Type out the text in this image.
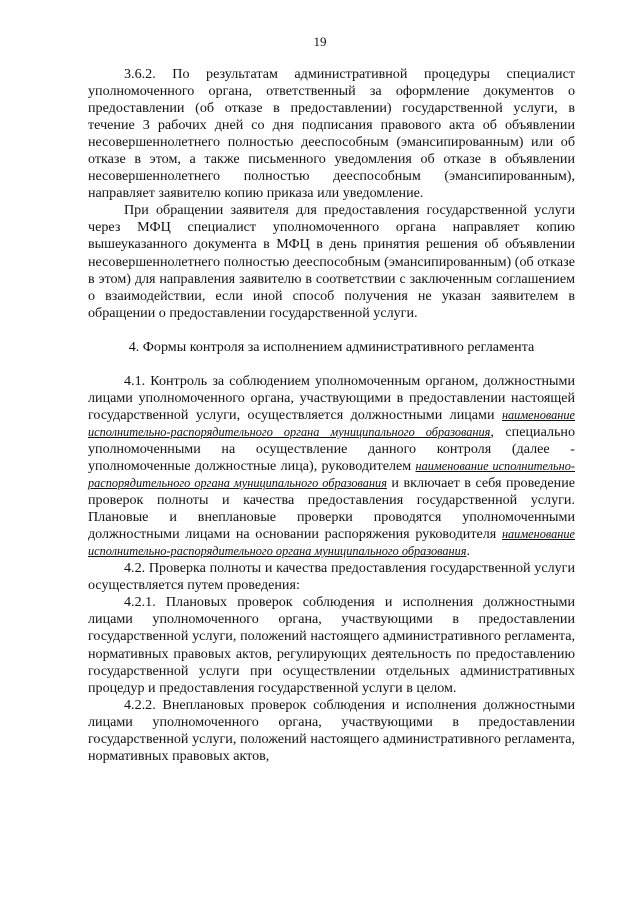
19

3.6.2. По результатам административной процедуры специалист уполномоченного органа, ответственный за оформление документов о предоставлении (об отказе в предоставлении) государственной услуги, в течение 3 рабочих дней со дня подписания правового акта об объявлении несовершеннолетнего полностью дееспособным (эмансипированным) или об отказе в этом, а также письменного уведомления об отказе в объявлении несовершеннолетнего полностью дееспособным (эмансипированным), направляет заявителю копию приказа или уведомление.

При обращении заявителя для предоставления государственной услуги через МФЦ специалист уполномоченного органа направляет копию вышеуказанного документа в МФЦ в день принятия решения об объявлении несовершеннолетнего полностью дееспособным (эмансипированным) (об отказе в этом) для направления заявителю в соответствии с заключенным соглашением о взаимодействии, если иной способ получения не указан заявителем в обращении о предоставлении государственной услуги.

4. Формы контроля за исполнением административного регламента

4.1. Контроль за соблюдением уполномоченным органом, должностными лицами уполномоченного органа, участвующими в предоставлении настоящей государственной услуги, осуществляется должностными лицами наименование исполнительно-распорядительного органа муниципального образования, специально уполномоченными на осуществление данного контроля (далее - уполномоченные должностные лица), руководителем наименование исполнительно-распорядительного органа муниципального образования и включает в себя проведение проверок полноты и качества предоставления государственной услуги. Плановые и внеплановые проверки проводятся уполномоченными должностными лицами на основании распоряжения руководителя наименование исполнительно-распорядительного органа муниципального образования.

4.2. Проверка полноты и качества предоставления государственной услуги осуществляется путем проведения:

4.2.1. Плановых проверок соблюдения и исполнения должностными лицами уполномоченного органа, участвующими в предоставлении государственной услуги, положений настоящего административного регламента, нормативных правовых актов, регулирующих деятельность по предоставлению государственной услуги при осуществлении отдельных административных процедур и предоставления государственной услуги в целом.

4.2.2. Внеплановых проверок соблюдения и исполнения должностными лицами уполномоченного органа, участвующими в предоставлении государственной услуги, положений настоящего административного регламента, нормативных правовых актов,
